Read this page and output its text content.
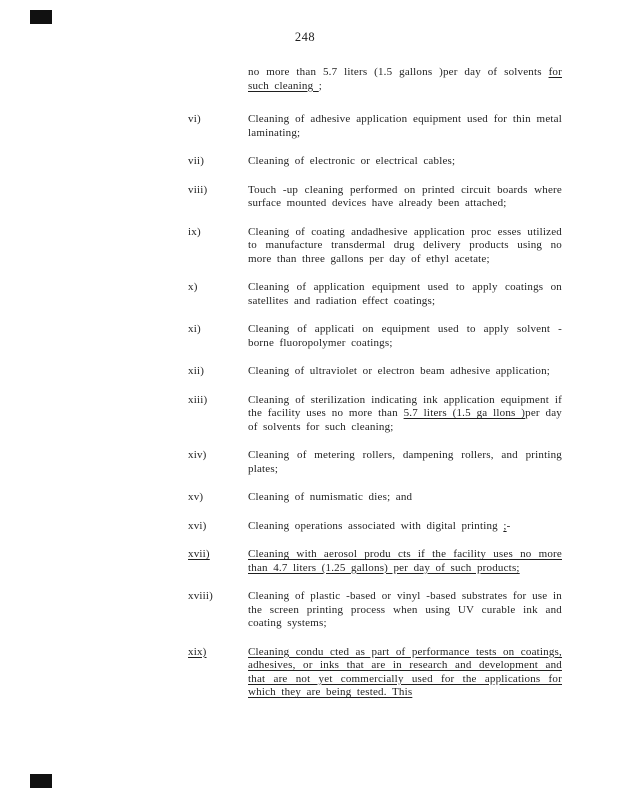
248
no more than 5.7 liters (1.5 gallons )per day of solvents for such cleaning ;
vi)	Cleaning of adhesive application equipment used for thin metal laminating;
vii)	Cleaning of electronic or electrical cables;
viii)	Touch -up cleaning performed on printed circuit boards where surface mounted devices have already been attached;
ix)	Cleaning of coating andadhesive application proc esses utilized to manufacture transdermal drug delivery products using no more than three gallons per day of ethyl acetate;
x)	Cleaning of application equipment used to apply coatings on satellites and radiation effect coatings;
xi)	Cleaning of applicati on equipment used to apply solvent - borne fluoropolymer coatings;
xii)	Cleaning of ultraviolet or electron beam adhesive application;
xiii)	Cleaning of sterilization indicating ink application equipment if the facility uses no more than 5.7 liters (1.5 ga llons )per day of solvents for such cleaning;
xiv)	Cleaning of metering rollers, dampening rollers, and printing plates;
xv)	Cleaning of numismatic dies; and
xvi)	Cleaning operations associated with digital printing ;-
xvii)	Cleaning with aerosol produ cts if the facility uses no more than 4.7 liters (1.25 gallons) per day of such products;
xviii)	Cleaning of plastic -based or vinyl -based substrates for use in the screen printing process when using UV curable ink and coating systems;
xix)	Cleaning condu cted as part of performance tests on coatings, adhesives, or inks that are in research and development and that are not yet commercially used for the applications for which they are being tested. This
